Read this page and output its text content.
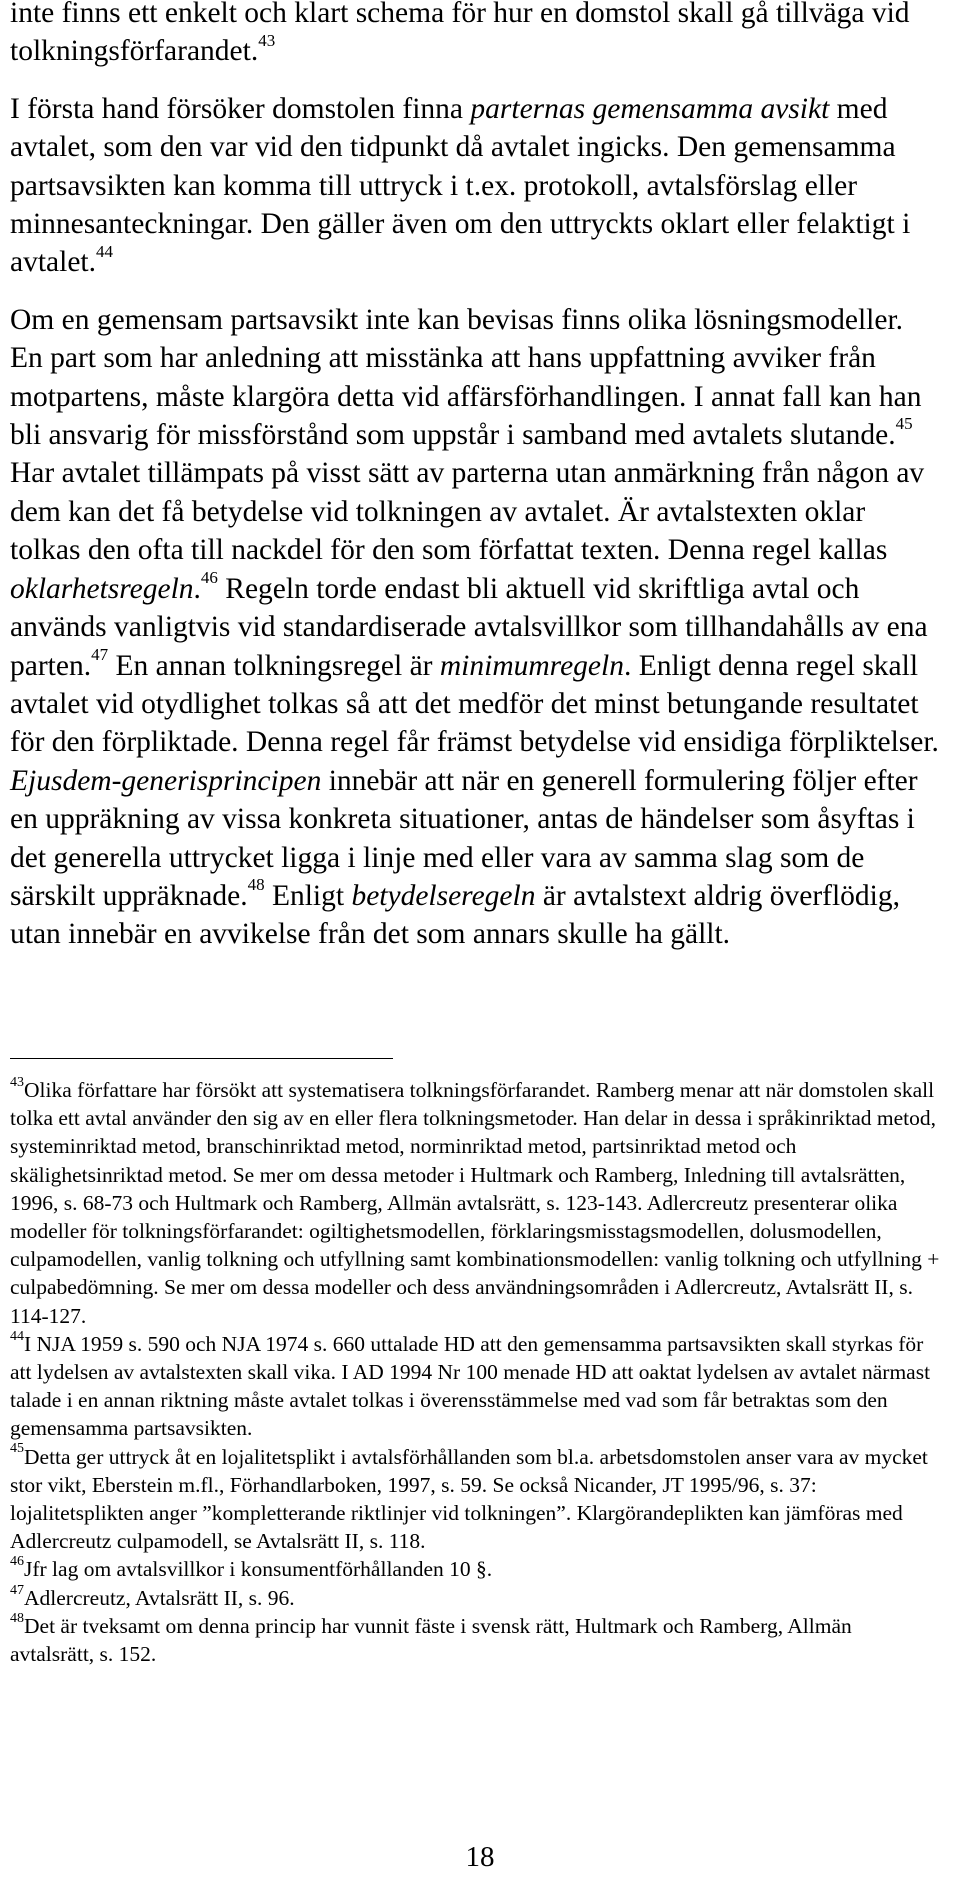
inte finns ett enkelt och klart schema för hur en domstol skall gå tillväga vid tolkningsförfarandet.$^{43}$

I första hand försöker domstolen finna parternas gemensamma avsikt med avtalet, som den var vid den tidpunkt då avtalet ingicks. Den gemensamma partsavsikten kan komma till uttryck i t.ex. protokoll, avtalsförslag eller minnesanteckningar. Den gäller även om den uttryckts oklart eller felaktigt i avtalet.$^{44}$

Om en gemensam partsavsikt inte kan bevisas finns olika lösningsmodeller. En part som har anledning att misstänka att hans uppfattning avviker från motpartens, måste klargöra detta vid affärsförhandlingen. I annat fall kan han bli ansvarig för missförstånd som uppstår i samband med avtalets slutande.$^{45}$ Har avtalet tillämpats på visst sätt av parterna utan anmärkning från någon av dem kan det få betydelse vid tolkningen av avtalet. Är avtalstexten oklar tolkas den ofta till nackdel för den som författat texten. Denna regel kallas oklarhetsregeln.$^{46}$ Regeln torde endast bli aktuell vid skriftliga avtal och används vanligtvis vid standardiserade avtalsvillkor som tillhandahålls av ena parten.$^{47}$ En annan tolkningsregel är minimumregeln. Enligt denna regel skall avtalet vid otydlighet tolkas så att det medför det minst betungande resultatet för den förpliktade. Denna regel får främst betydelse vid ensidiga förpliktelser. Ejusdem-generisprincipen innebär att när en generell formulering följer efter en uppräkning av vissa konkreta situationer, antas de händelser som åsyftas i det generella uttrycket ligga i linje med eller vara av samma slag som de särskilt uppräknade.$^{48}$ Enligt betydelseregeln är avtalstext aldrig överflödig, utan innebär en avvikelse från det som annars skulle ha gällt.

$^{43}$Olika författare har försökt att systematisera tolkningsförfarandet. Ramberg menar att när domstolen skall tolka ett avtal använder den sig av en eller flera tolkningsmetoder. Han delar in dessa i språkinriktad metod, systeminriktad metod, branschinriktad metod, norminriktad metod, partsinriktad metod och skälighetsinriktad metod. Se mer om dessa metoder i Hultmark och Ramberg, Inledning till avtalsrätten, 1996, s. 68-73 och Hultmark och Ramberg, Allmän avtalsrätt, s. 123-143. Adlercreutz presenterar olika modeller för tolkningsförfarandet: ogiltighetsmodellen, förklaringsmisstagsmodellen, dolusmodellen, culpamodellen, vanlig tolkning och utfyllning samt kombinationsmodellen: vanlig tolkning och utfyllning + culpabedömning. Se mer om dessa modeller och dess användningsområden i Adlercreutz, Avtalsrätt II, s. 114-127.

$^{44}$I NJA 1959 s. 590 och NJA 1974 s. 660 uttalade HD att den gemensamma partsavsikten skall styrkas för att lydelsen av avtalstexten skall vika. I AD 1994 Nr 100 menade HD att oaktat lydelsen av avtalet närmast talade i en annan riktning måste avtalet tolkas i överensstämmelse med vad som får betraktas som den gemensamma partsavsikten.

$^{45}$Detta ger uttryck åt en lojalitetsplikt i avtalsförhållanden som bl.a. arbetsdomstolen anser vara av mycket stor vikt, Eberstein m.fl., Förhandlarboken, 1997, s. 59. Se också Nicander, JT 1995/96, s. 37: lojalitetsplikten anger ”kompletterande riktlinjer vid tolkningen”. Klargörandeplikten kan jämföras med Adlercreutz culpamodell, se Avtalsrätt II, s. 118.

$^{46}$Jfr lag om avtalsvillkor i konsumentförhållanden 10 §.

$^{47}$Adlercreutz, Avtalsrätt II, s. 96.

$^{48}$Det är tveksamt om denna princip har vunnit fäste i svensk rätt, Hultmark och Ramberg, Allmän avtalsrätt, s. 152.

18
